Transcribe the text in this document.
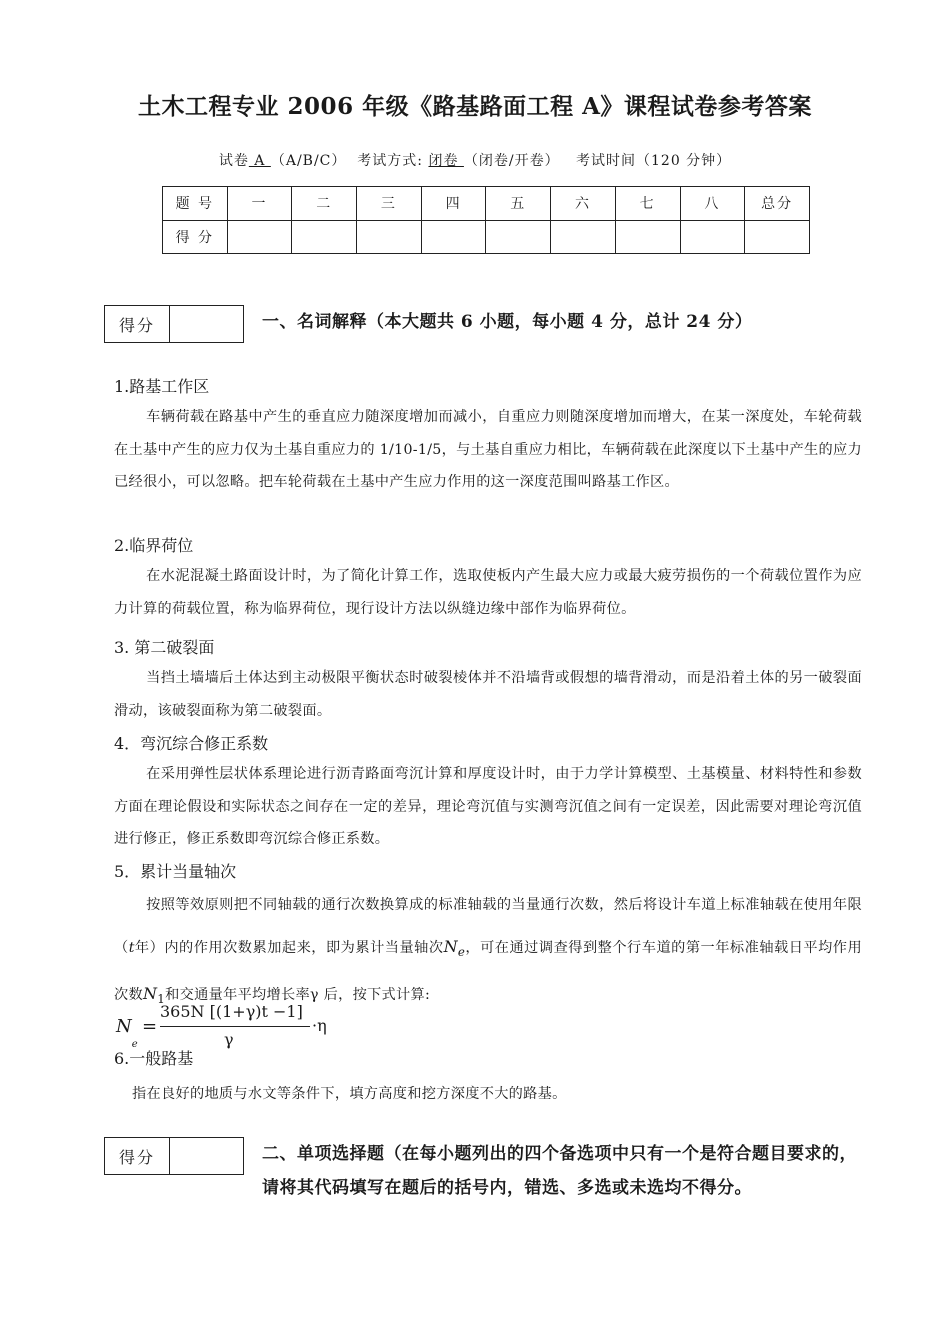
土木工程专业 2006 年级《路基路面工程 A》课程试卷参考答案
试卷 A （A/B/C） 考试方式: 闭卷 （闭卷/开卷） 考试时间（120 分钟）
题 号	一	二	三	四	五	六	七	八	总分
得 分									
得分	一、名词解释（本大题共 6 小题，每小题 4 分，总计 24 分）
1.路基工作区
车辆荷载在路基中产生的垂直应力随深度增加而减小，自重应力则随深度增加而增大，在某一深度处，车轮荷载在土基中产生的应力仅为土基自重应力的 1/10-1/5，与土基自重应力相比，车辆荷载在此深度以下土基中产生的应力已经很小，可以忽略。把车轮荷载在土基中产生应力作用的这一深度范围叫路基工作区。
2.临界荷位
在水泥混凝土路面设计时，为了简化计算工作，选取使板内产生最大应力或最大疲劳损伤的一个荷载位置作为应力计算的荷载位置，称为临界荷位，现行设计方法以纵缝边缘中部作为临界荷位。
3. 第二破裂面
当挡土墙墙后土体达到主动极限平衡状态时破裂棱体并不沿墙背或假想的墙背滑动，而是沿着土体的另一破裂面滑动，该破裂面称为第二破裂面。
4．弯沉综合修正系数
在采用弹性层状体系理论进行沥青路面弯沉计算和厚度设计时，由于力学计算模型、土基模量、材料特性和参数方面在理论假设和实际状态之间存在一定的差异，理论弯沉值与实测弯沉值之间有一定误差，因此需要对理论弯沉值进行修正，修正系数即弯沉综合修正系数。
5．累计当量轴次
按照等效原则把不同轴载的通行次数换算成的标准轴载的当量通行次数，然后将设计车道上标准轴载在使用年限（t年）内的作用次数累加起来，即为累计当量轴次$N_e$，可在通过调查得到整个行车道的第一年标准轴载日平均作用次数$N_1$和交通量年平均增长率γ 后，按下式计算:
$N_e$
=
365N [(1+γ)t −1]
γ
·η
6.一般路基
指在良好的地质与水文等条件下，填方高度和挖方深度不大的路基。
得分	二、单项选择题（在每小题列出的四个备选项中只有一个是符合题目要求的，请将其代码填写在题后的括号内，错选、多选或未选均不得分。
